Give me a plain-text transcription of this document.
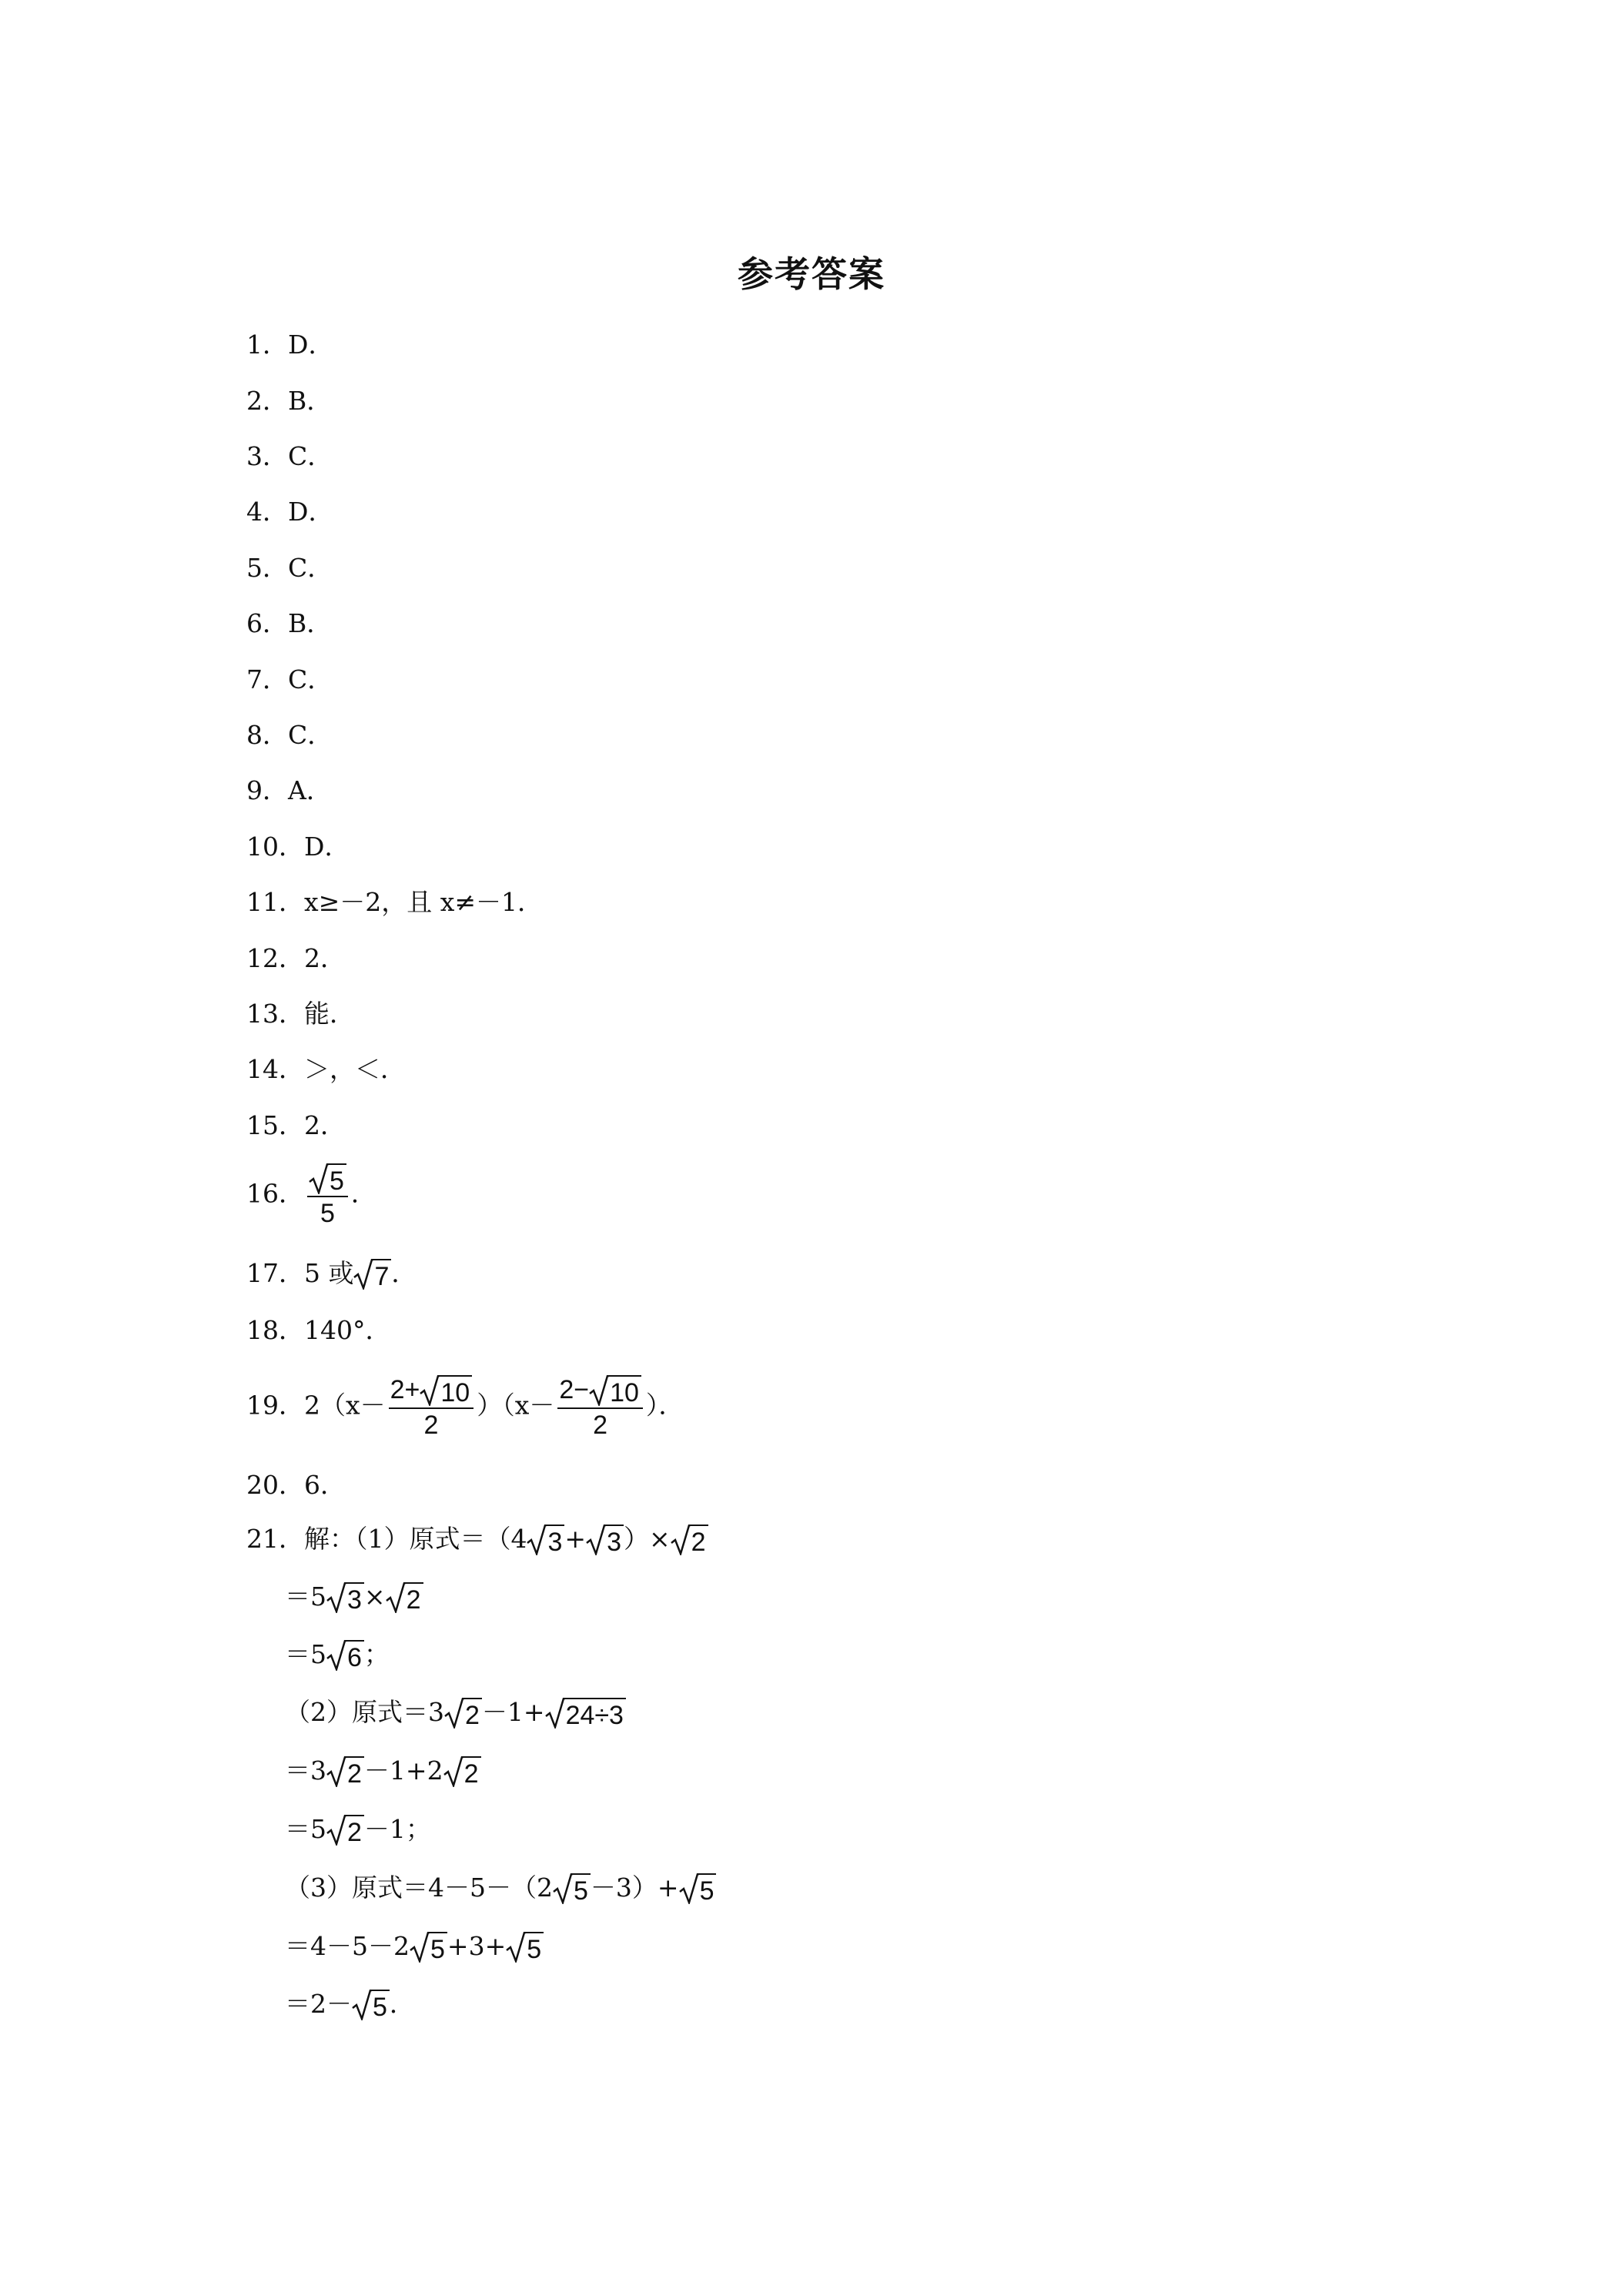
参考答案
1．D．
2．B．
3．C．
4．D．
5．C．
6．B．
7．C．
8．C．
9．A．
10．D．
11．x≥－2，且 x≠－1．
12．2．
13．能．
14．＞，＜．
15．2．
16． $\frac{5}{5}$ ．
17．5 或 7 ．
18．140°．
19．$2(x- \frac{2+ 10}{2} )(x- \frac{2- 10}{2}$ ）．
20．6．
21．解：（1）原式＝（4 3 + 3 ）× 2
＝5 3 × 2
＝5 6 ；
（2）原式＝3 2 －1+ 24÷3
＝3 2 －1+2 2
＝5 2 －1；
（3）原式＝4－5－（2 5 －3）+ 5
＝4－5－2 5 +3+ 5
＝2－ 5 ．
